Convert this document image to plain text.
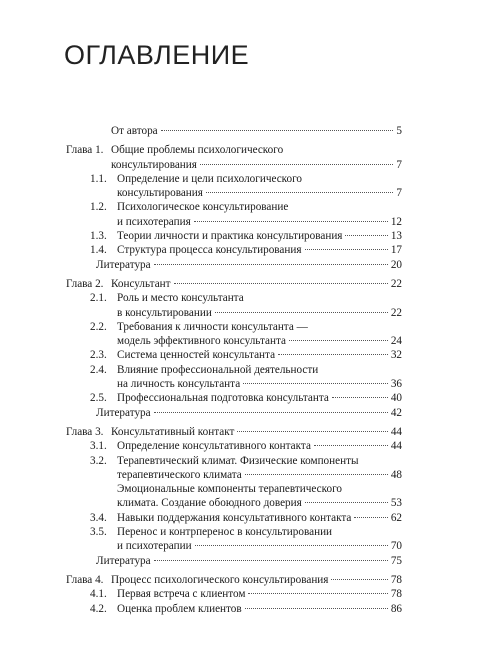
ОГЛАВЛЕНИЕ
От автора	5
Глава 1. Общие проблемы психологического
консультирования	7
1.1. Определение и цели психологического
консультирования	7
1.2. Психологическое консультирование
и психотерапия	12
1.3. Теории личности и практика консультирования	13
1.4. Структура процесса консультирования	17
Литература	20
Глава 2. Консультант	22
2.1. Роль и место консультанта
в консультировании	22
2.2. Требования к личности консультанта —
модель эффективного консультанта	24
2.3. Система ценностей консультанта	32
2.4. Влияние профессиональной деятельности
на личность консультанта	36
2.5. Профессиональная подготовка консультанта	40
Литература	42
Глава 3. Консультативный контакт	44
3.1. Определение консультативного контакта	44
3.2. Терапевтический климат. Физические компоненты
терапевтического климата	48
Эмоциональные компоненты терапевтического
климата. Создание обоюдного доверия	53
3.4. Навыки поддержания консультативного контакта	62
3.5. Перенос и контрперенос в консультировании
и психотерапии	70
Литература	75
Глава 4. Процесс психологического консультирования	78
4.1. Первая встреча с клиентом	78
4.2. Оценка проблем клиентов	86
